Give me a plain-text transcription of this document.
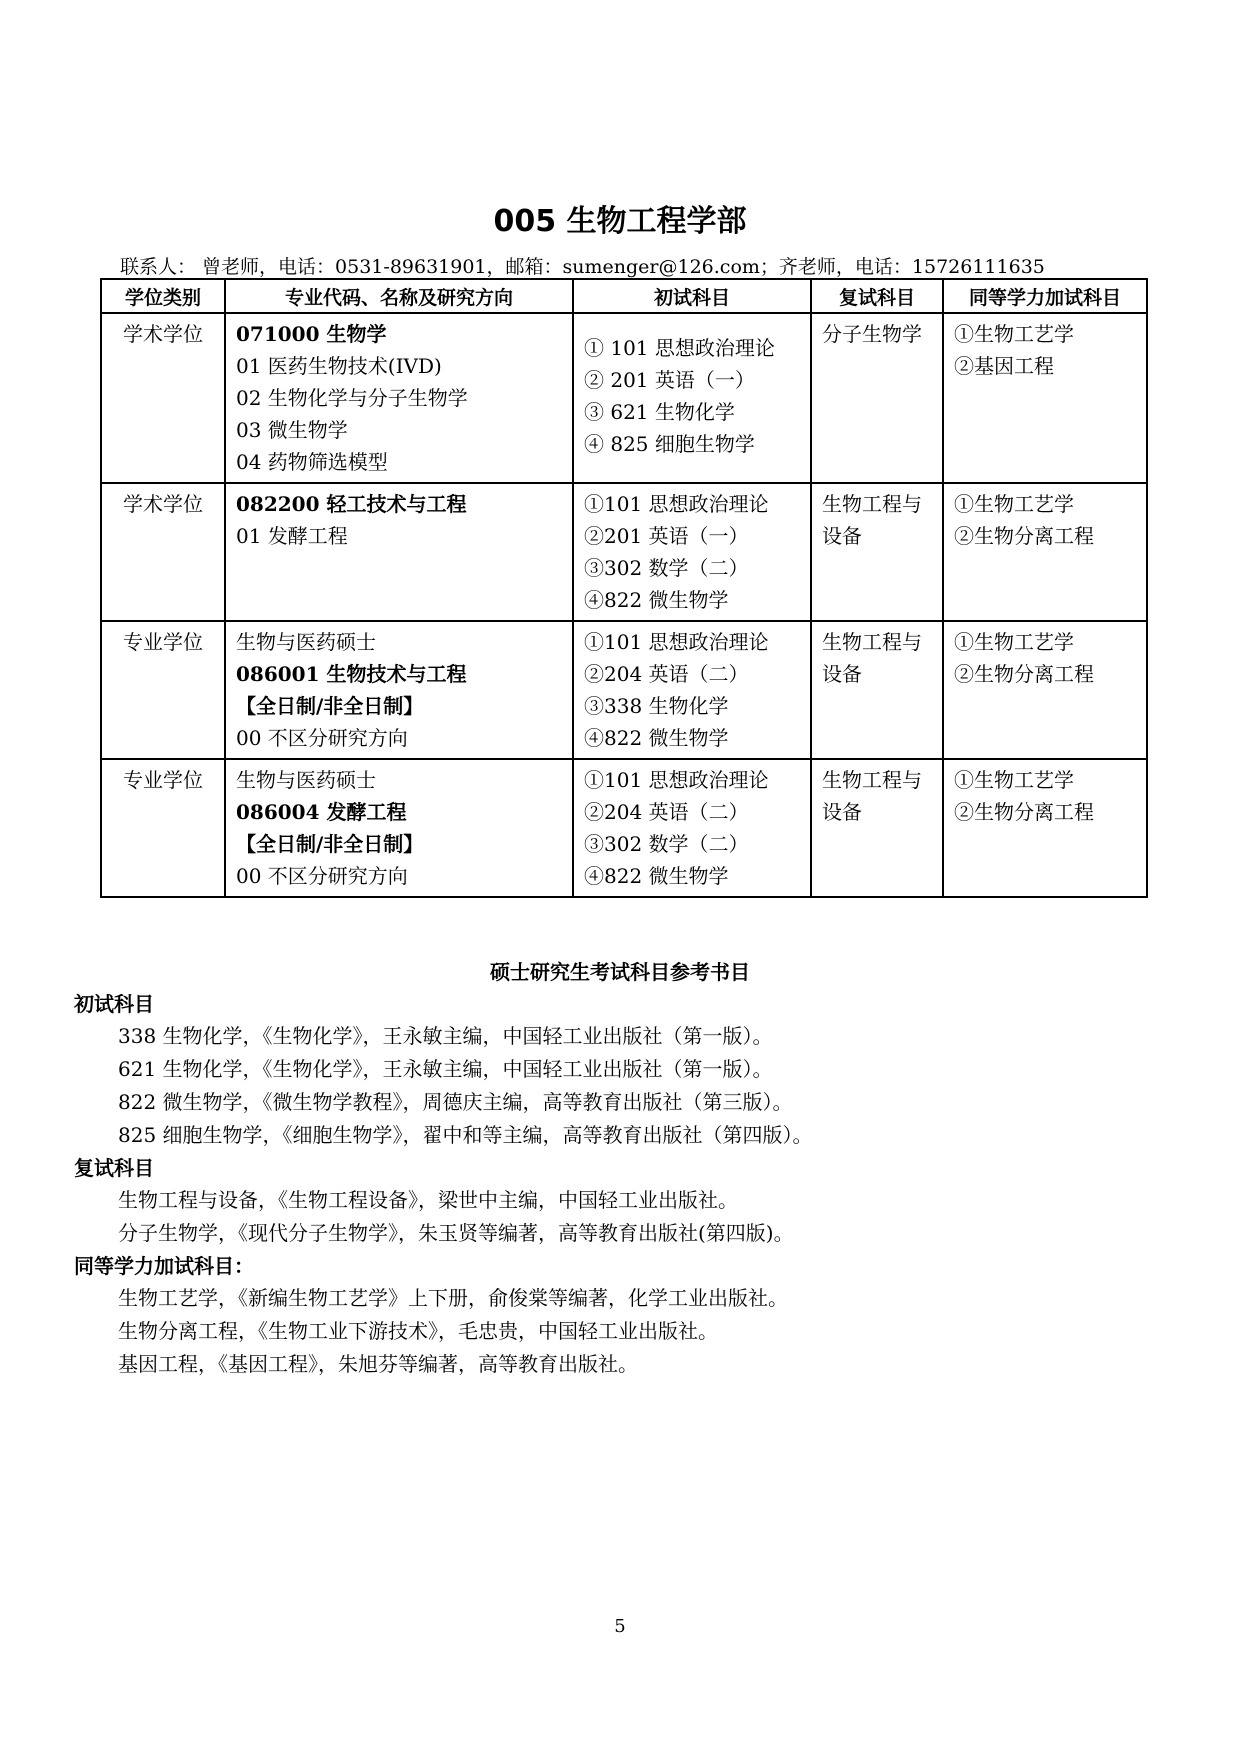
005 生物工程学部
联系人： 曾老师，电话：0531-89631901，邮箱：sumenger@126.com；齐老师，电话：15726111635
学位类别	专业代码、名称及研究方向	初试科目	复试科目	同等学力加试科目

学术学位	071000 生物学
01 医药生物技术(IVD)
02 生物化学与分子生物学
03 微生物学
04 药物筛选模型	① 101 思想政治理论
② 201 英语（一）
③ 621 生物化学
④ 825 细胞生物学	分子生物学	①生物工艺学
②基因工程

学术学位	082200 轻工技术与工程
01 发酵工程	①101 思想政治理论
②201 英语（一）
③302 数学（二）
④822 微生物学	生物工程与
设备	①生物工艺学
②生物分离工程

专业学位	生物与医药硕士
086001 生物技术与工程
【全日制/非全日制】
00 不区分研究方向	①101 思想政治理论
②204 英语（二）
③338 生物化学
④822 微生物学	生物工程与
设备	①生物工艺学
②生物分离工程

专业学位	生物与医药硕士
086004 发酵工程
【全日制/非全日制】
00 不区分研究方向	①101 思想政治理论
②204 英语（二）
③302 数学（二）
④822 微生物学	生物工程与
设备	①生物工艺学
②生物分离工程
硕士研究生考试科目参考书目
初试科目
338 生物化学，《生物化学》，王永敏主编，中国轻工业出版社（第一版）。
621 生物化学，《生物化学》，王永敏主编，中国轻工业出版社（第一版）。
822 微生物学，《微生物学教程》，周德庆主编，高等教育出版社（第三版）。
825 细胞生物学，《细胞生物学》，翟中和等主编，高等教育出版社（第四版）。
复试科目
生物工程与设备，《生物工程设备》，梁世中主编，中国轻工业出版社。
分子生物学，《现代分子生物学》，朱玉贤等编著，高等教育出版社(第四版)。
同等学力加试科目：
生物工艺学，《新编生物工艺学》上下册，俞俊棠等编著，化学工业出版社。
生物分离工程，《生物工业下游技术》，毛忠贵，中国轻工业出版社。
基因工程，《基因工程》，朱旭芬等编著，高等教育出版社。
5
